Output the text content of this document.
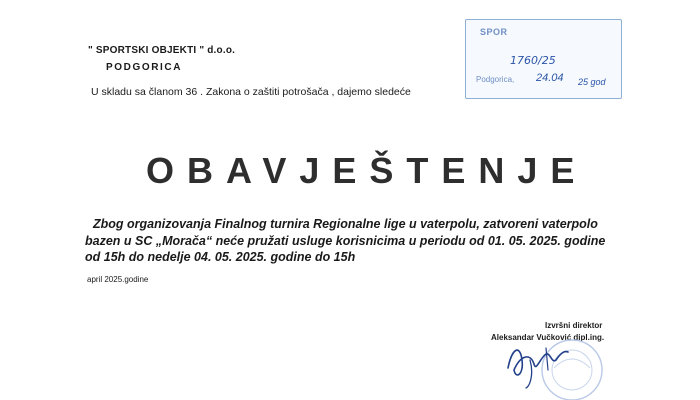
" SPORTSKI OBJEKTI " d.o.o.
PODGORICA
U skladu sa članom 36 . Zakona o zaštiti potrošača , dajemo sledeće
SPOR
1760/25
Podgorica, 24.04 25 god
OBAVJEŠTENJE
Zbog organizovanja Finalnog turnira Regionalne lige u vaterpolu, zatvoreni vaterpolo
bazen u SC „Morača“ neće pružati usluge korisnicima u periodu od 01. 05. 2025. godine
od 15h do nedelje 04. 05. 2025. godine do 15h
april 2025.godine
Izvršni direktor
Aleksandar Vučković dipl.ing.
